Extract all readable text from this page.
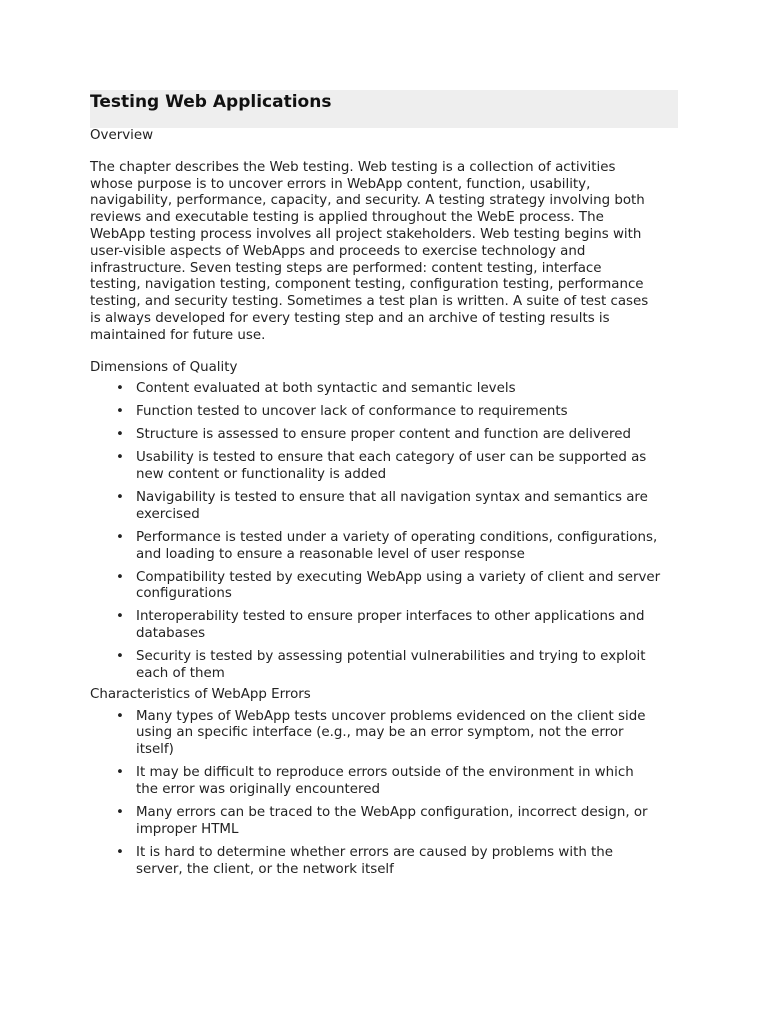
Testing Web Applications

Overview

The chapter describes the Web testing. Web testing is a collection of activities
whose purpose is to uncover errors in WebApp content, function, usability,
navigability, performance, capacity, and security. A testing strategy involving both
reviews and executable testing is applied throughout the WebE process. The
WebApp testing process involves all project stakeholders. Web testing begins with
user-visible aspects of WebApps and proceeds to exercise technology and
infrastructure. Seven testing steps are performed: content testing, interface
testing, navigation testing, component testing, configuration testing, performance
testing, and security testing. Sometimes a test plan is written. A suite of test cases
is always developed for every testing step and an archive of testing results is
maintained for future use.

Dimensions of Quality

• Content evaluated at both syntactic and semantic levels
• Function tested to uncover lack of conformance to requirements
• Structure is assessed to ensure proper content and function are delivered
• Usability is tested to ensure that each category of user can be supported as
new content or functionality is added
• Navigability is tested to ensure that all navigation syntax and semantics are
exercised
• Performance is tested under a variety of operating conditions, configurations,
and loading to ensure a reasonable level of user response
• Compatibility tested by executing WebApp using a variety of client and server
configurations
• Interoperability tested to ensure proper interfaces to other applications and
databases
• Security is tested by assessing potential vulnerabilities and trying to exploit
each of them

Characteristics of WebApp Errors

• Many types of WebApp tests uncover problems evidenced on the client side
using an specific interface (e.g., may be an error symptom, not the error
itself)
• It may be difficult to reproduce errors outside of the environment in which
the error was originally encountered
• Many errors can be traced to the WebApp configuration, incorrect design, or
improper HTML
• It is hard to determine whether errors are caused by problems with the
server, the client, or the network itself
